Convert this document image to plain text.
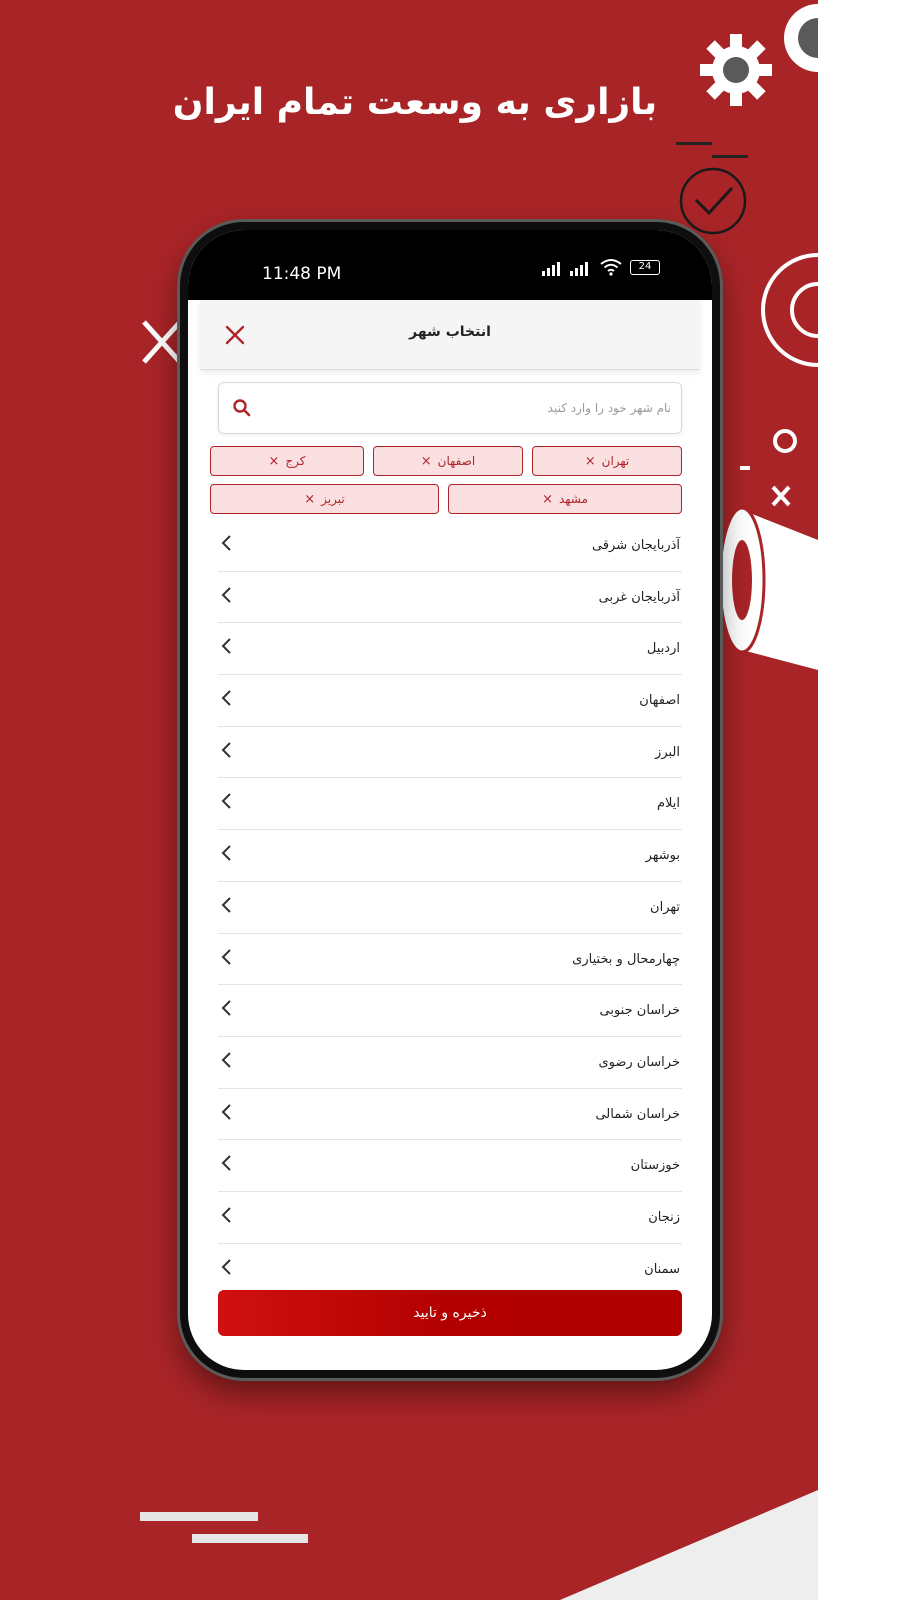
بازاری به وسعت تمام ایران
11:48 PM	24
انتخاب شهر
نام شهر خود را وارد کنید
تهران×
اصفهان×
کرج×
مشهد×
تبریز×
آذربایجان شرقی
آذربایجان غربی
اردبیل
اصفهان
البرز
ایلام
بوشهر
تهران
چهارمحال و بختیاری
خراسان جنوبی
خراسان رضوی
خراسان شمالی
خوزستان
زنجان
سمنان
ذخیره و تایید
